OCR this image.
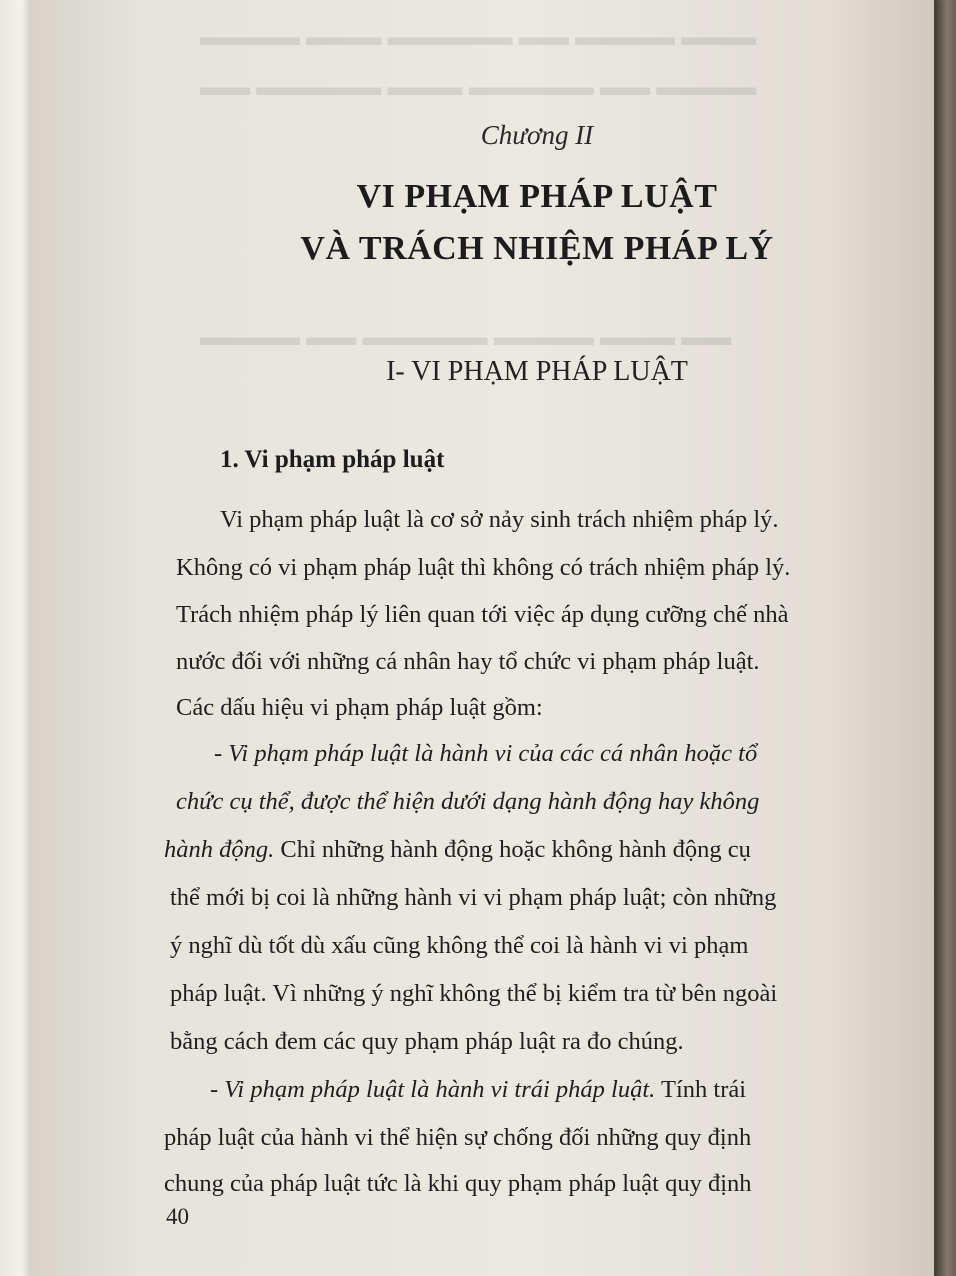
▬▬▬ ▬▬▬▬ ▬▬ ▬▬▬▬▬ ▬▬▬ ▬▬▬▬
▬▬▬▬ ▬▬ ▬▬▬▬▬ ▬▬▬ ▬▬▬▬▬ ▬▬
▬▬ ▬▬▬ ▬▬▬▬ ▬▬▬▬▬ ▬▬ ▬▬▬▬
Chương II
VI PHẠM PHÁP LUẬT
VÀ TRÁCH NHIỆM PHÁP LÝ
I- VI PHẠM PHÁP LUẬT
1. Vi phạm pháp luật
Vi phạm pháp luật là cơ sở nảy sinh trách nhiệm pháp lý.
Không có vi phạm pháp luật thì không có trách nhiệm pháp lý.
Trách nhiệm pháp lý liên quan tới việc áp dụng cưỡng chế nhà
nước đối với những cá nhân hay tổ chức vi phạm pháp luật.
Các dấu hiệu vi phạm pháp luật gồm:
- Vi phạm pháp luật là hành vi của các cá nhân hoặc tổ
chức cụ thể, được thể hiện dưới dạng hành động hay không
hành động. Chỉ những hành động hoặc không hành động cụ
thể mới bị coi là những hành vi vi phạm pháp luật; còn những
ý nghĩ dù tốt dù xấu cũng không thể coi là hành vi vi phạm
pháp luật. Vì những ý nghĩ không thể bị kiểm tra từ bên ngoài
bằng cách đem các quy phạm pháp luật ra đo chúng.
- Vi phạm pháp luật là hành vi trái pháp luật. Tính trái
pháp luật của hành vi thể hiện sự chống đối những quy định
chung của pháp luật tức là khi quy phạm pháp luật quy định
40
